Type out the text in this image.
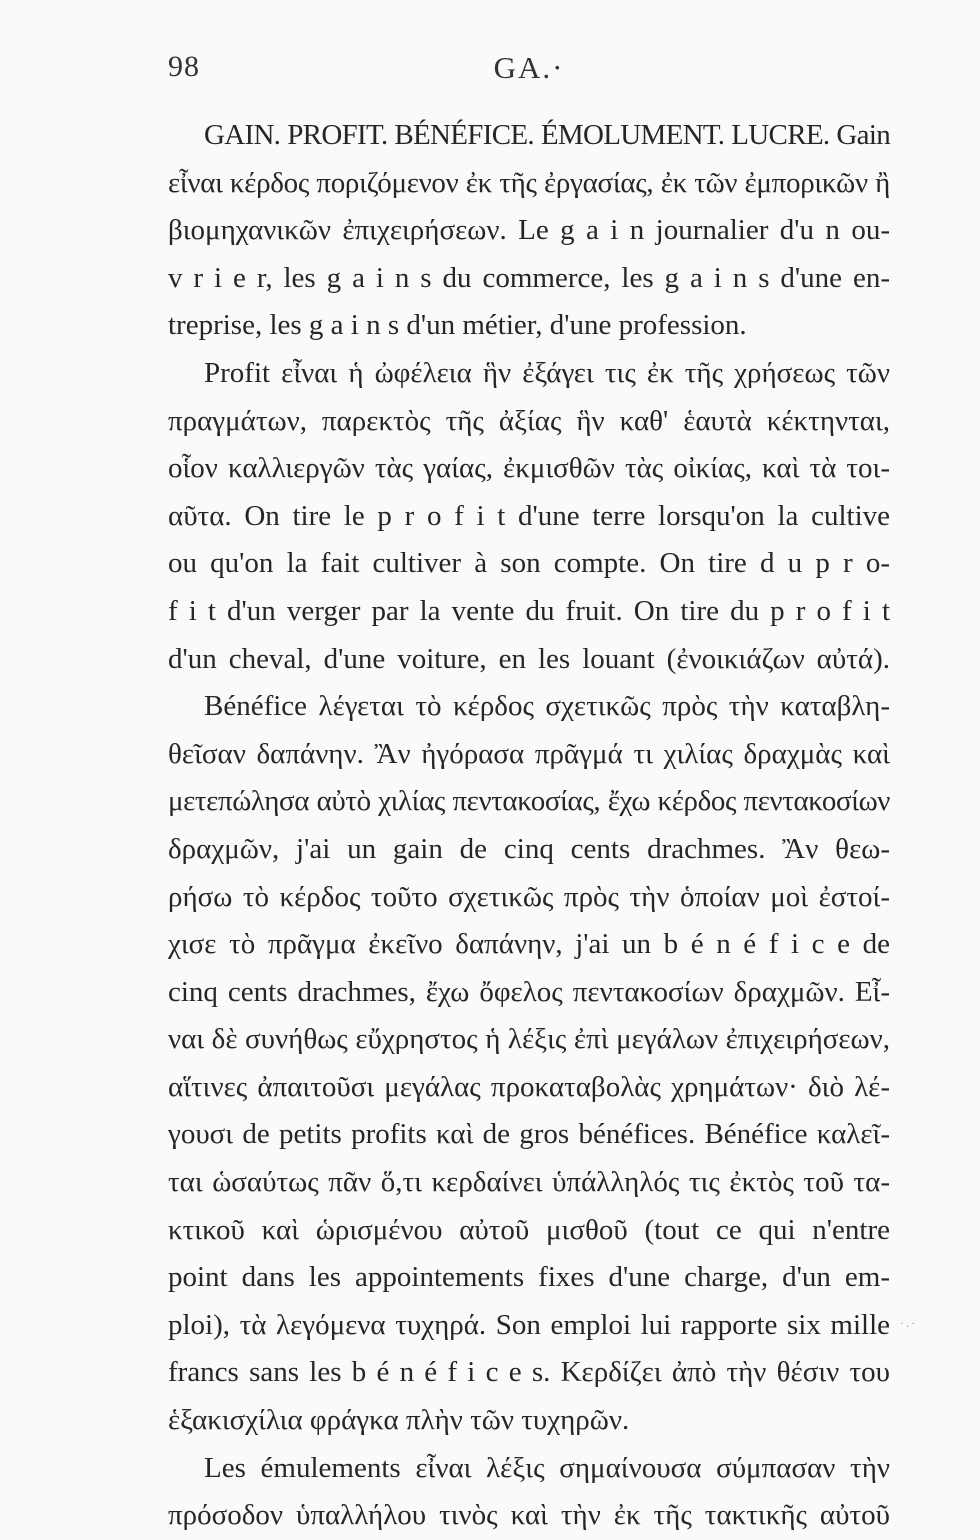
98	GA.·
GAIN. PROFIT. BÉNÉFICE. ÉMOLUMENT. LUCRE. Gain
εἶναι κέρδος ποριζόμενον ἐκ τῆς ἐργασίας, ἐκ τῶν ἐμπορικῶν ἢ
βιομηχανικῶν ἐπιχειρήσεων. Le g a i n journalier d'u n ou-
v r i e r, les g a i n s du commerce, les g a i n s d'une en-
treprise, les g a i n s d'un métier, d'une profession.
Profit εἶναι ἡ ὠφέλεια ἣν ἐξάγει τις ἐκ τῆς χρήσεως τῶν
πραγμάτων, παρεκτὸς τῆς ἀξίας ἣν καθ' ἑαυτὰ κέκτηνται,
οἷον καλλιεργῶν τὰς γαίας, ἐκμισθῶν τὰς οἰκίας, καὶ τὰ τοι-
αῦτα. On tire le p r o f i t d'une terre lorsqu'on la cultive
ou qu'on la fait cultiver à son compte. On tire d u p r o-
f i t d'un verger par la vente du fruit. On tire du p r o f i t
d'un cheval, d'une voiture, en les louant (ἐνοικιάζων αὐτά).
Bénéfice λέγεται τὸ κέρδος σχετικῶς πρὸς τὴν καταβλη-
θεῖσαν δαπάνην. Ἂν ἠγόρασα πρᾶγμά τι χιλίας δραχμὰς καὶ
μετεπώλησα αὐτὸ χιλίας πεντακοσίας, ἔχω κέρδος πεντακοσίων
δραχμῶν, j'ai un gain de cinq cents drachmes. Ἂν θεω-
ρήσω τὸ κέρδος τοῦτο σχετικῶς πρὸς τὴν ὁποίαν μοὶ ἐστοί-
χισε τὸ πρᾶγμα ἐκεῖνο δαπάνην, j'ai un b é n é f i c e de
cinq cents drachmes, ἔχω ὄφελος πεντακοσίων δραχμῶν. Εἶ-
ναι δὲ συνήθως εὔχρηστος ἡ λέξις ἐπὶ μεγάλων ἐπιχειρήσεων,
αἵτινες ἀπαιτοῦσι μεγάλας προκαταβολὰς χρημάτων· διὸ λέ-
γουσι de petits profits καὶ de gros bénéfices. Bénéfice καλεῖ-
ται ὡσαύτως πᾶν ὅ,τι κερδαίνει ὑπάλληλός τις ἐκτὸς τοῦ τα-
κτικοῦ καὶ ὡρισμένου αὐτοῦ μισθοῦ (tout ce qui n'entre
point dans les appointements fixes d'une charge, d'un em-
ploi), τὰ λεγόμενα τυχηρά. Son emploi lui rapporte six mille
francs sans les b é n é f i c e s. Κερδίζει ἀπὸ τὴν θέσιν του
ἑξακισχίλια φράγκα πλὴν τῶν τυχηρῶν.
Les émulements εἶναι λέξις σημαίνουσα σύμπασαν τὴν
πρόσοδον ὑπαλλήλου τινὸς καὶ τὴν ἐκ τῆς τακτικῆς αὐτοῦ
·.·
